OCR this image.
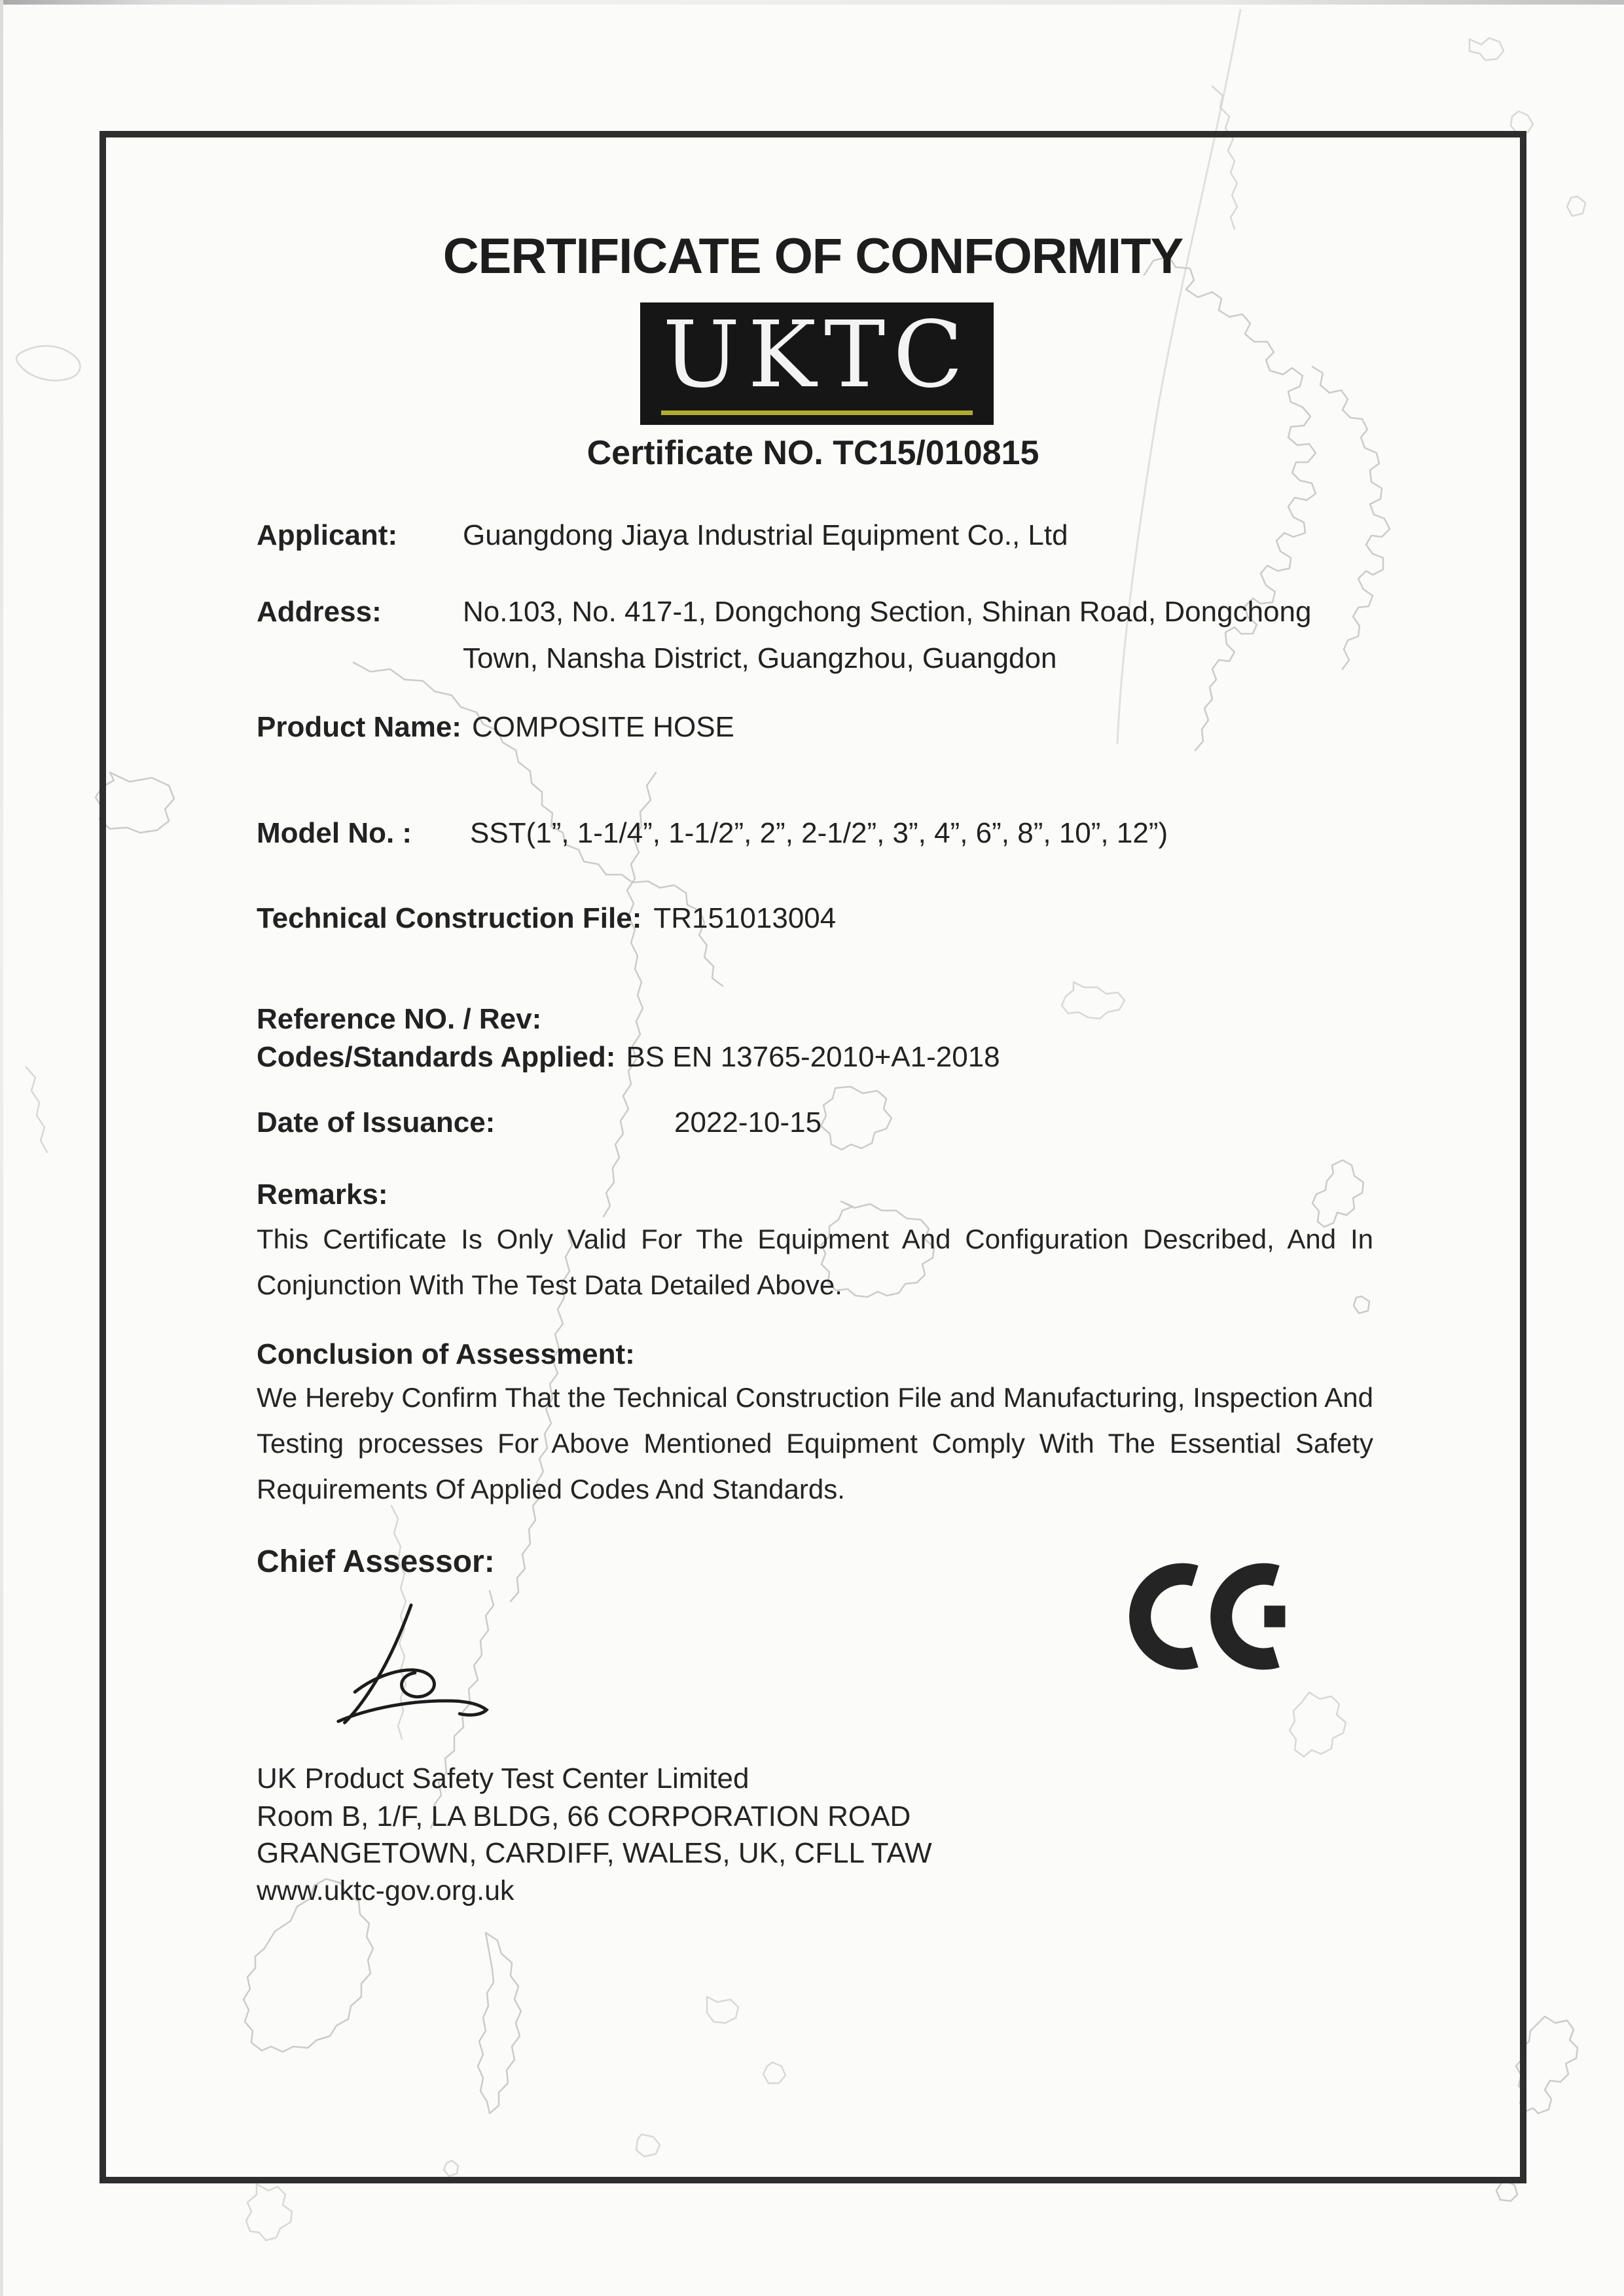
CERTIFICATE OF CONFORMITY
UKTC
Certificate NO. TC15/010815
Applicant:	Guangdong Jiaya Industrial Equipment Co., Ltd
Address:	No.103, No. 417-1, Dongchong Section, Shinan Road, Dongchong Town, Nansha District, Guangzhou, Guangdon
Product Name: COMPOSITE HOSE
Model No. :	SST(1”, 1-1/4”, 1-1/2”, 2”, 2-1/2”, 3”, 4”, 6”, 8”, 10”, 12”)
Technical Construction File: TR151013004
Reference NO. / Rev:
Codes/Standards Applied: BS EN 13765-2010+A1-2018
Date of Issuance:	2022-10-15
Remarks:
This Certificate Is Only Valid For The Equipment And Configuration Described, And In Conjunction With The Test Data Detailed Above.
Conclusion of Assessment:
We Hereby Confirm That the Technical Construction File and Manufacturing, Inspection And Testing processes For Above Mentioned Equipment Comply With The Essential Safety Requirements Of Applied Codes And Standards.
Chief Assessor:
UK Product Safety Test Center Limited
Room B, 1/F, LA BLDG, 66 CORPORATION ROAD
GRANGETOWN, CARDIFF, WALES, UK, CFLL TAW
www.uktc-gov.org.uk
